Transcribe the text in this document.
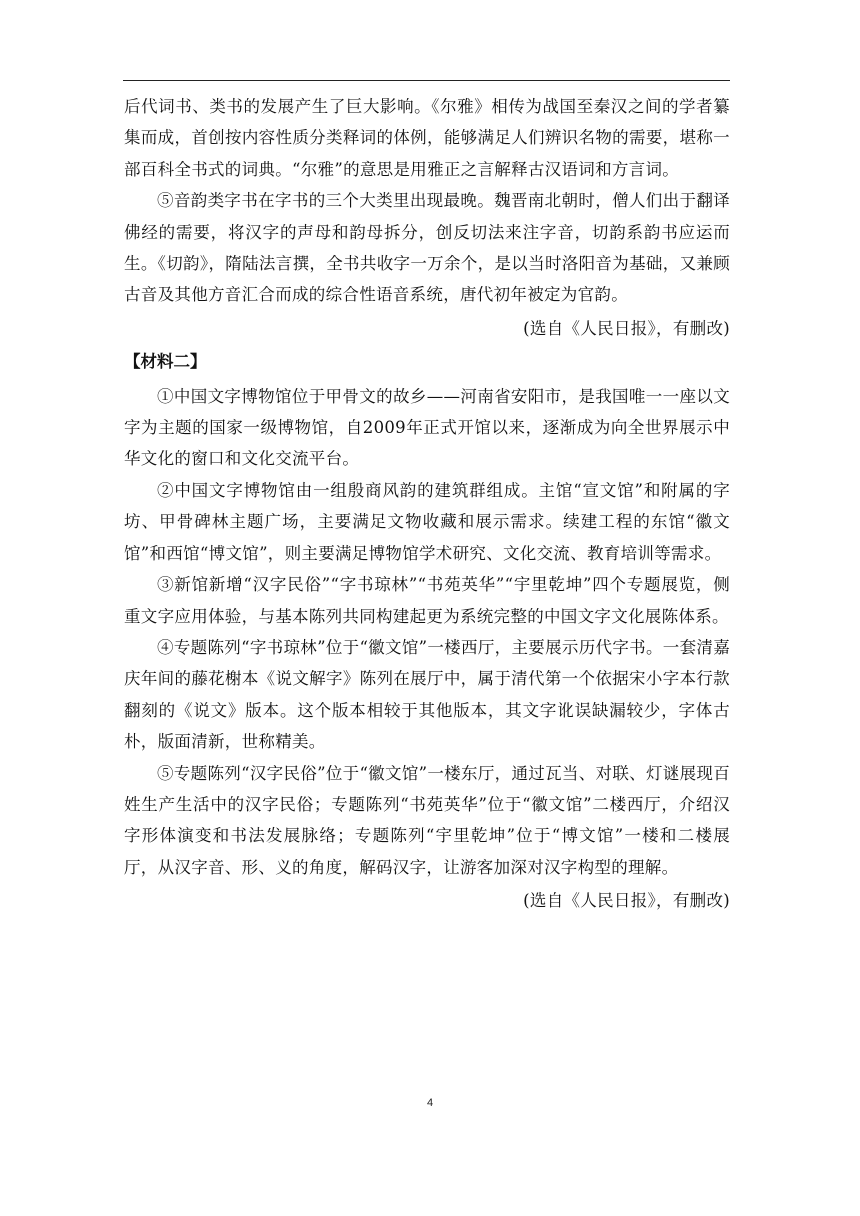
后代词书、类书的发展产生了巨大影响。《尔雅》相传为战国至秦汉之间的学者纂集而成，首创按内容性质分类释词的体例，能够满足人们辨识名物的需要，堪称一部百科全书式的词典。“尔雅”的意思是用雅正之言解释古汉语词和方言词。

⑤音韵类字书在字书的三个大类里出现最晚。魏晋南北朝时，僧人们出于翻译佛经的需要，将汉字的声母和韵母拆分，创反切法来注字音，切韵系韵书应运而生。《切韵》，隋陆法言撰，全书共收字一万余个，是以当时洛阳音为基础，又兼顾古音及其他方音汇合而成的综合性语音系统，唐代初年被定为官韵。

(选自《人民日报》，有删改)

【材料二】

①中国文字博物馆位于甲骨文的故乡——河南省安阳市，是我国唯一一座以文字为主题的国家一级博物馆，自2009年正式开馆以来，逐渐成为向全世界展示中华文化的窗口和文化交流平台。

②中国文字博物馆由一组殷商风韵的建筑群组成。主馆“宣文馆”和附属的字坊、甲骨碑林主题广场，主要满足文物收藏和展示需求。续建工程的东馆“徽文馆”和西馆“博文馆”，则主要满足博物馆学术研究、文化交流、教育培训等需求。

③新馆新增“汉字民俗”“字书琼林”“书苑英华”“宇里乾坤”四个专题展览，侧重文字应用体验，与基本陈列共同构建起更为系统完整的中国文字文化展陈体系。

④专题陈列“字书琼林”位于“徽文馆”一楼西厅，主要展示历代字书。一套清嘉庆年间的藤花榭本《说文解字》陈列在展厅中，属于清代第一个依据宋小字本行款翻刻的《说文》版本。这个版本相较于其他版本，其文字讹误缺漏较少，字体古朴，版面清新，世称精美。

⑤专题陈列“汉字民俗”位于“徽文馆”一楼东厅，通过瓦当、对联、灯谜展现百姓生产生活中的汉字民俗；专题陈列“书苑英华”位于“徽文馆”二楼西厅，介绍汉字形体演变和书法发展脉络；专题陈列“宇里乾坤”位于“博文馆”一楼和二楼展厅，从汉字音、形、义的角度，解码汉字，让游客加深对汉字构型的理解。

(选自《人民日报》，有删改)

4
